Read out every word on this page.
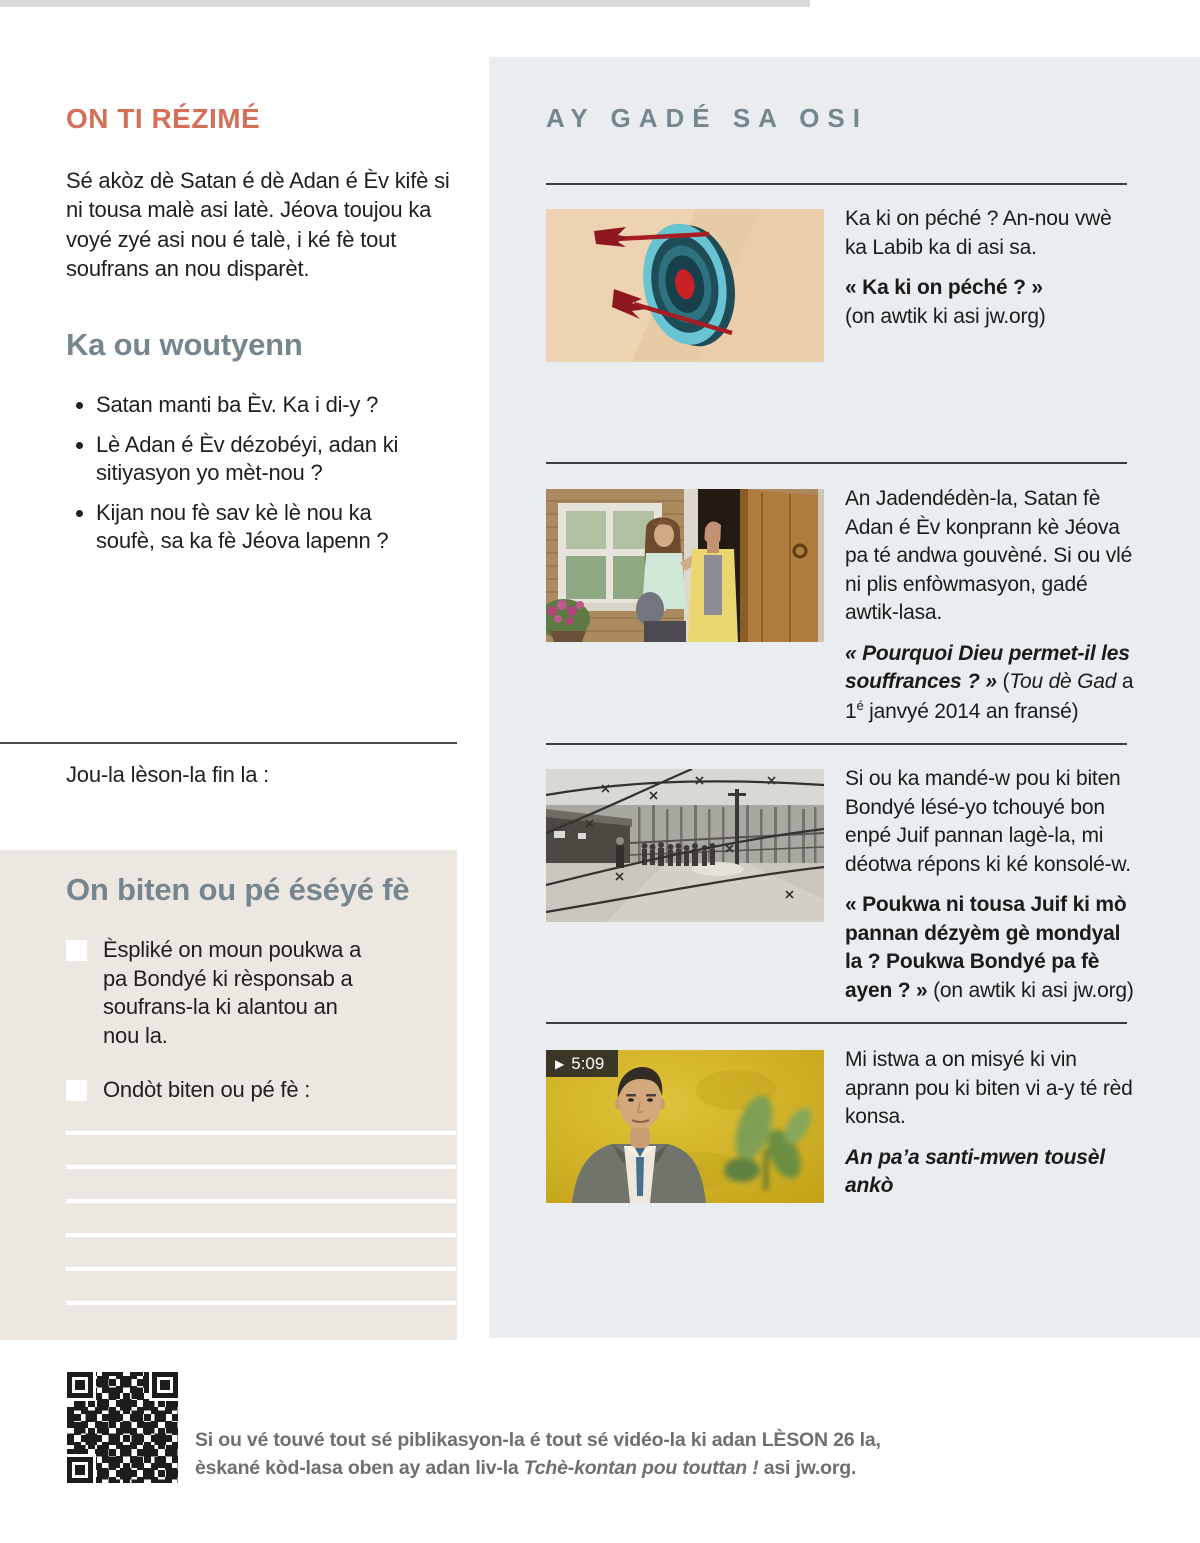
ON TI RÉZIMÉ
Sé akòz dè Satan é dè Adan é Èv kifè si ni tousa malè asi latè. Jéova toujou ka voyé zyé asi nou é talè, i ké fè tout soufrans an nou disparèt.
Ka ou woutyenn
• Satan manti ba Èv. Ka i di-y ?
• Lè Adan é Èv dézobéyi, adan ki sitiyasyon yo mèt-nou ?
• Kijan nou fè sav kè lè nou ka soufè, sa ka fè Jéova lapenn ?
Jou-la lèson-la fin la :
On biten ou pé éséyé fè
Èspliké on moun poukwa a pa Bondyé ki rèsponsab a soufrans-la ki alantou an nou la.
Ondòt biten ou pé fè :
AY GADÉ SA OSI

Ka ki on péché ? An-nou vwè ka Labib ka di asi sa.

« Ka ki on péché ? »
(on awtik ki asi jw.org)

An Jadendédèn-la, Satan fè Adan é Èv konprann kè Jéova pa té andwa gouvèné. Si ou vlé ni plis enfòwmasyon, gadé awtik-lasa.

« Pourquoi Dieu permet-il les souffrances ? » (Tou dè Gad a $1^é$ janvyé 2014 an fransé)

Si ou ka mandé-w pou ki biten Bondyé lésé-yo tchouyé bon enpé Juif pannan lagè-la, mi déotwa répons ki ké konsolé-w.

« Poukwa ni tousa Juif ki mò pannan dézyèm gè mondyal la ? Poukwa Bondyé pa fè ayen ? » (on awtik ki asi jw.org)

▶ 5:09	Mi istwa a on misyé ki vin aprann pou ki biten vi a-y té rèd konsa.

An pa’a santi-mwen tousèl ankò

Si ou vé touvé tout sé piblikasyon-la é tout sé vidéo-la ki adan LÈSON 26 la,
èskané kòd-lasa oben ay adan liv-la Tchè-kontan pou touttan ! asi jw.org.
